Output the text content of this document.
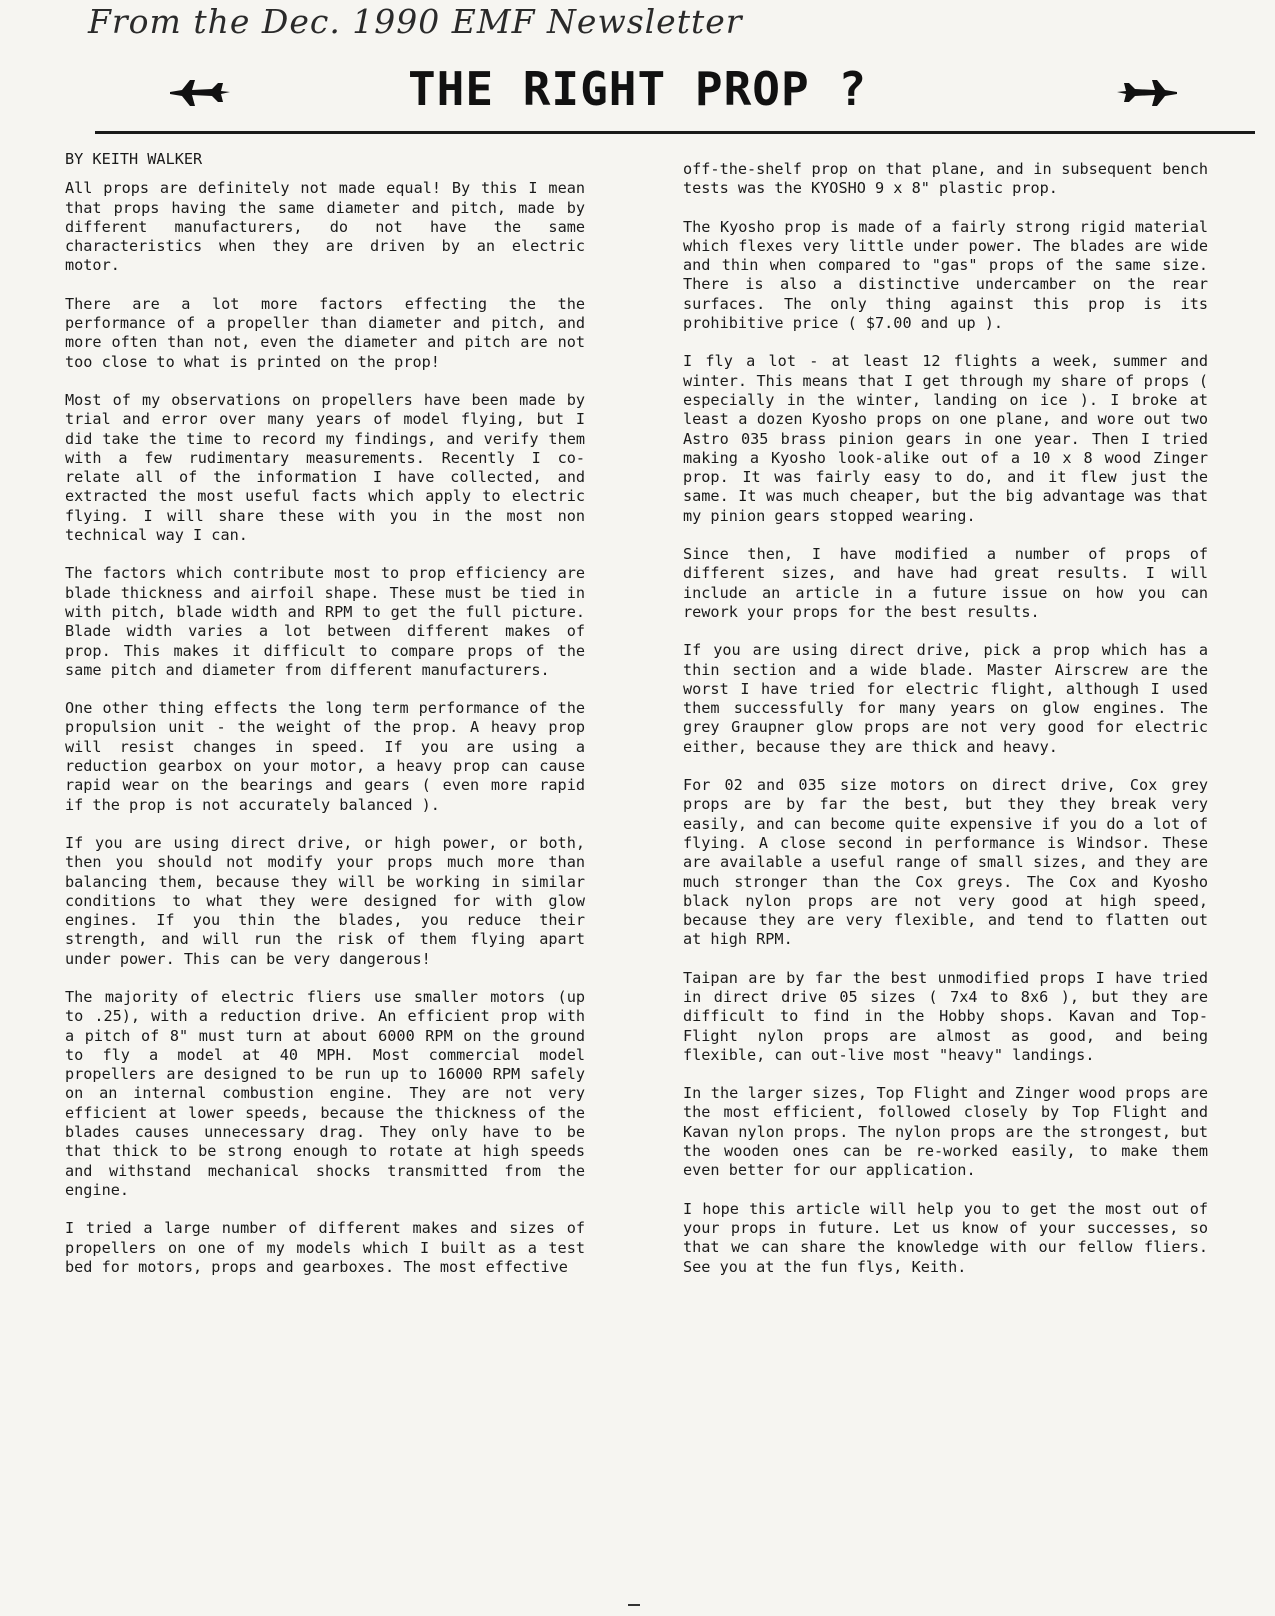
From the Dec. 1990 EMF Newsletter
THE RIGHT PROP ?
BY KEITH WALKER

All props are definitely not made equal! By this I mean that props having the same diameter and pitch, made by different manufacturers, do not have the same characteristics when they are driven by an electric motor.

There are a lot more factors effecting the the performance of a propeller than diameter and pitch, and more often than not, even the diameter and pitch are not too close to what is printed on the prop!

Most of my observations on propellers have been made by trial and error over many years of model flying, but I did take the time to record my findings, and verify them with a few rudimentary measurements. Recently I co-relate all of the information I have collected, and extracted the most useful facts which apply to electric flying. I will share these with you in the most non technical way I can.

The factors which contribute most to prop efficiency are blade thickness and airfoil shape. These must be tied in with pitch, blade width and RPM to get the full picture. Blade width varies a lot between different makes of prop. This makes it difficult to compare props of the same pitch and diameter from different manufacturers.

One other thing effects the long term performance of the propulsion unit - the weight of the prop. A heavy prop will resist changes in speed. If you are using a reduction gearbox on your motor, a heavy prop can cause rapid wear on the bearings and gears ( even more rapid if the prop is not accurately balanced ).

If you are using direct drive, or high power, or both, then you should not modify your props much more than balancing them, because they will be working in similar conditions to what they were designed for with glow engines. If you thin the blades, you reduce their strength, and will run the risk of them flying apart under power. This can be very dangerous!

The majority of electric fliers use smaller motors (up to .25), with a reduction drive. An efficient prop with a pitch of 8" must turn at about 6000 RPM on the ground to fly a model at 40 MPH. Most commercial model propellers are designed to be run up to 16000 RPM safely on an internal combustion engine. They are not very efficient at lower speeds, because the thickness of the blades causes unnecessary drag. They only have to be that thick to be strong enough to rotate at high speeds and withstand mechanical shocks transmitted from the engine.

I tried a large number of different makes and sizes of propellers on one of my models which I built as a test bed for motors, props and gearboxes. The most effective

off-the-shelf prop on that plane, and in subsequent bench tests was the KYOSHO 9 x 8" plastic prop.

The Kyosho prop is made of a fairly strong rigid material which flexes very little under power. The blades are wide and thin when compared to "gas" props of the same size. There is also a distinctive undercamber on the rear surfaces. The only thing against this prop is its prohibitive price ( $7.00 and up ).

I fly a lot - at least 12 flights a week, summer and winter. This means that I get through my share of props ( especially in the winter, landing on ice ). I broke at least a dozen Kyosho props on one plane, and wore out two Astro 035 brass pinion gears in one year. Then I tried making a Kyosho look-alike out of a 10 x 8 wood Zinger prop. It was fairly easy to do, and it flew just the same. It was much cheaper, but the big advantage was that my pinion gears stopped wearing.

Since then, I have modified a number of props of different sizes, and have had great results. I will include an article in a future issue on how you can rework your props for the best results.

If you are using direct drive, pick a prop which has a thin section and a wide blade. Master Airscrew are the worst I have tried for electric flight, although I used them successfully for many years on glow engines. The grey Graupner glow props are not very good for electric either, because they are thick and heavy.

For 02 and 035 size motors on direct drive, Cox grey props are by far the best, but they they break very easily, and can become quite expensive if you do a lot of flying. A close second in performance is Windsor. These are available a useful range of small sizes, and they are much stronger than the Cox greys. The Cox and Kyosho black nylon props are not very good at high speed, because they are very flexible, and tend to flatten out at high RPM.

Taipan are by far the best unmodified props I have tried in direct drive 05 sizes ( 7x4 to 8x6 ), but they are difficult to find in the Hobby shops. Kavan and Top-Flight nylon props are almost as good, and being flexible, can out-live most "heavy" landings.

In the larger sizes, Top Flight and Zinger wood props are the most efficient, followed closely by Top Flight and Kavan nylon props. The nylon props are the strongest, but the wooden ones can be re-worked easily, to make them even better for our application.

I hope this article will help you to get the most out of your props in future. Let us know of your successes, so that we can share the knowledge with our fellow fliers. See you at the fun flys, Keith.
